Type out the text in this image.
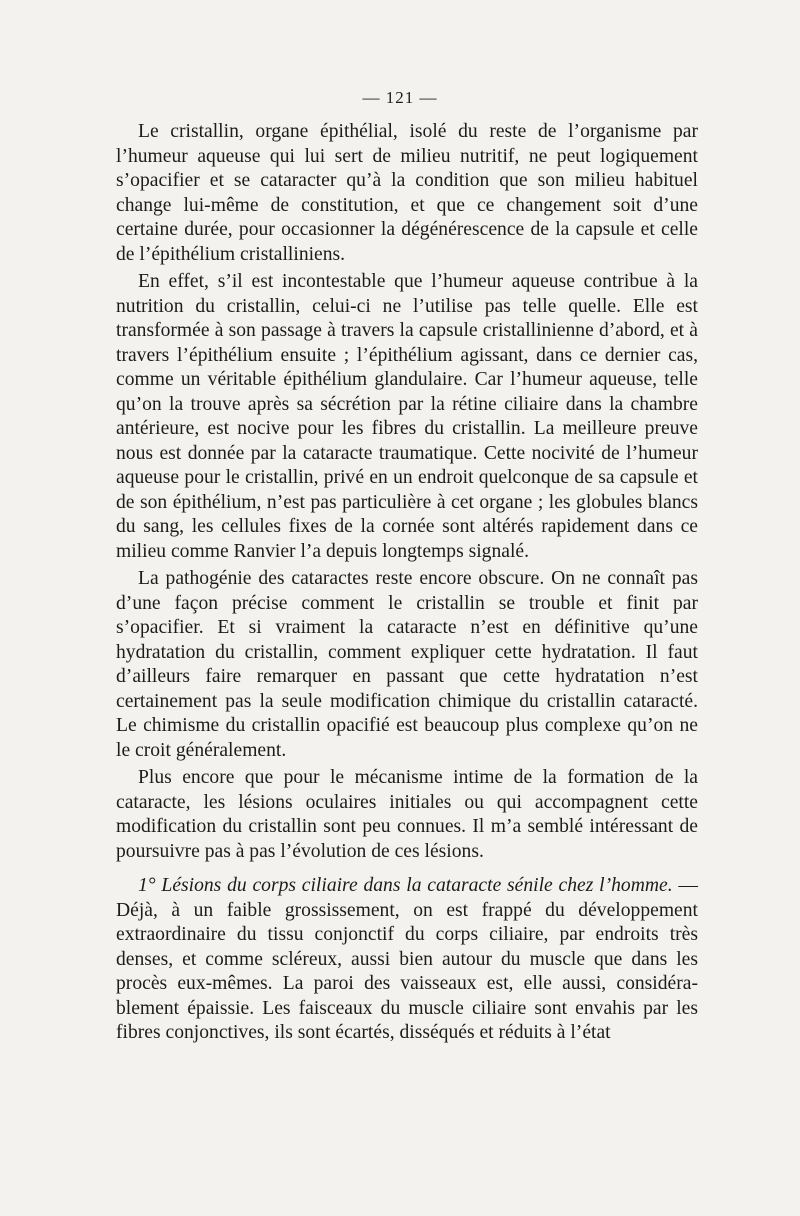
— 121 —

Le cristallin, organe épithélial, isolé du reste de l’organisme par l’humeur aqueuse qui lui sert de milieu nutritif, ne peut logiquement s’opacifier et se cataracter qu’à la condition que son milieu habituel change lui-même de constitution, et que ce changement soit d’une certaine durée, pour occasionner la dégénérescence de la capsule et celle de l’épithélium cristalliniens.

En effet, s’il est incontestable que l’humeur aqueuse contribue à la nutrition du cristallin, celui-ci ne l’utilise pas telle quelle. Elle est transformée à son passage à travers la capsule cristallinienne d’abord, et à travers l’épithélium ensuite ; l’épithélium agissant, dans ce dernier cas, comme un véritable épithélium glandulaire. Car l’humeur aqueuse, telle qu’on la trouve après sa sécrétion par la rétine ciliaire dans la chambre antérieure, est nocive pour les fibres du cristallin. La meilleure preuve nous est donnée par la cataracte traumatique. Cette nocivité de l’humeur aqueuse pour le cristallin, privé en un endroit quelconque de sa capsule et de son épithélium, n’est pas particulière à cet organe ; les globules blancs du sang, les cellules fixes de la cornée sont altérés rapidement dans ce milieu comme Ranvier l’a depuis longtemps signalé.

La pathogénie des cataractes reste encore obscure. On ne connaît pas d’une façon précise comment le cristallin se trouble et finit par s’opacifier. Et si vraiment la cataracte n’est en définitive qu’une hydratation du cristallin, comment expliquer cette hydratation. Il faut d’ailleurs faire remarquer en passant que cette hydratation n’est certainement pas la seule modification chimique du cristallin cataracté. Le chimisme du cristallin opacifié est beaucoup plus complexe qu’on ne le croit généralement.

Plus encore que pour le mécanisme intime de la formation de la cataracte, les lésions oculaires initiales ou qui accompagnent cette modification du cristallin sont peu connues. Il m’a semblé intéressant de poursuivre pas à pas l’évolution de ces lésions.

1° Lésions du corps ciliaire dans la cataracte sénile chez l’homme. — Déjà, à un faible grossissement, on est frappé du développement extraordinaire du tissu conjonctif du corps ciliaire, par endroits très denses, et comme scléreux, aussi bien autour du muscle que dans les procès eux-mêmes. La paroi des vaisseaux est, elle aussi, considérablement épaissie. Les faisceaux du muscle ciliaire sont envahis par les fibres conjonctives, ils sont écartés, disséqués et réduits à l’état
